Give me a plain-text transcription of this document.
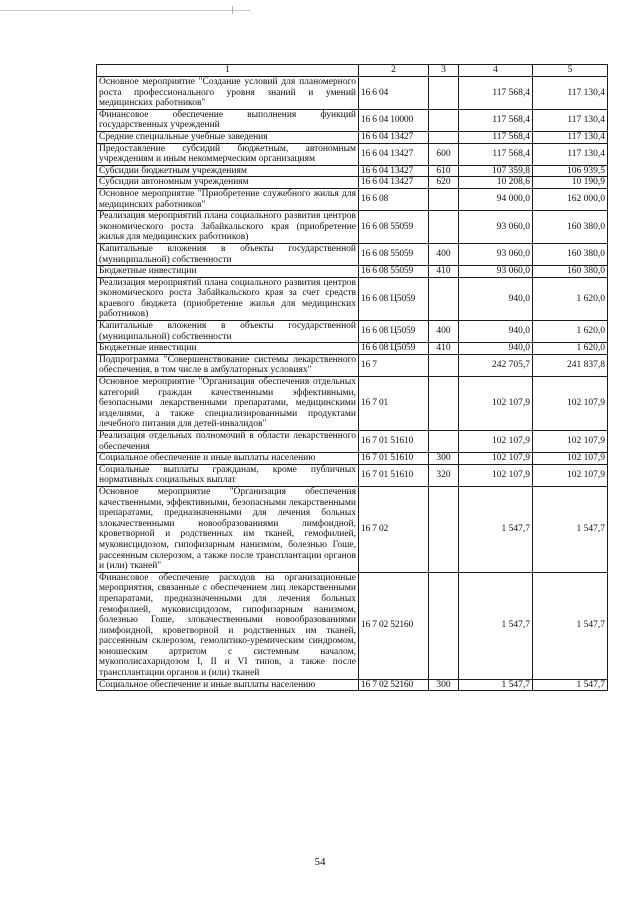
1	2	3	4	5
Основное мероприятие "Создание условий для планомерного роста профессионального уровня знаний и умений медицинских работников"	16 6 04		117 568,4	117 130,4
Финансовое обеспечение выполнения функций государственных учреждений	16 6 04 10000		117 568,4	117 130,4
Средние специальные учебные заведения	16 6 04 13427		117 568,4	117 130,4
Предоставление субсидий бюджетным, автономным учреждениям и иным некоммерческим организациям	16 6 04 13427	600	117 568,4	117 130,4
Субсидии бюджетным учреждениям	16 6 04 13427	610	107 359,8	106 939,5
Субсидии автономным учреждениям	16 6 04 13427	620	10 208,6	10 190,9
Основное мероприятие "Приобретение служебного жилья для медицинских работников"	16 6 08		94 000,0	162 000,0
Реализация мероприятий плана социального развития центров экономического роста Забайкальского края (приобретение жилья для медицинских работников)	16 6 08 55059		93 060,0	160 380,0
Капитальные вложения в объекты государственной (муниципальной) собственности	16 6 08 55059	400	93 060,0	160 380,0
Бюджетные инвестиции	16 6 08 55059	410	93 060,0	160 380,0
Реализация мероприятий плана социального развития центров экономического роста Забайкальского края за счет средств краевого бюджета (приобретение жилья для медицинских работников)	16 6 08 Ц5059		940,0	1 620,0
Капитальные вложения в объекты государственной (муниципальной) собственности	16 6 08 Ц5059	400	940,0	1 620,0
Бюджетные инвестиции	16 6 08 Ц5059	410	940,0	1 620,0
Подпрограмма "Совершенствование системы лекарственного обеспечения, в том числе в амбулаторных условиях"	16 7		242 705,7	241 837,8
Основное мероприятие "Организация обеспечения отдельных категорий граждан качественными эффективными, безопасными лекарственными препаратами, медицинскими изделиями, а также специализированными продуктами лечебного питания для детей-инвалидов"	16 7 01		102 107,9	102 107,9
Реализация отдельных полномочий в области лекарственного обеспечения	16 7 01 51610		102 107,9	102 107,9
Социальное обеспечение и иные выплаты населению	16 7 01 51610	300	102 107,9	102 107,9
Социальные выплаты гражданам, кроме публичных нормативных социальных выплат	16 7 01 51610	320	102 107,9	102 107,9
Основное мероприятие "Организация обеспечения качественными, эффективными, безопасными лекарственными препаратами, предназначенными для лечения больных злокачественными новообразованиями лимфоидной, кроветворной и родственных им тканей, гемофилией, муковисцидозом, гипофизарным нанизмом, болезнью Гоше, рассеянным склерозом, а также после трансплантации органов и (или) тканей"	16 7 02		1 547,7	1 547,7
Финансовое обеспечение расходов на организационные мероприятия, связанные с обеспечением лиц лекарственными препаратами, предназначенными для лечения больных гемофилией, муковисцидозом, гипофизарным нанизмом, болезнью Гоше, злокачественными новообразованиями лимфоидной, кроветворной и родственных им тканей, рассеянным склерозом, гемолитико-уремическим синдромом, юношеским артритом с системным началом, мукополисахаридозом I, II и VI типов, а также после трансплантации органов и (или) тканей	16 7 02 52160		1 547,7	1 547,7
Социальное обеспечение и иные выплаты населению	16 7 02 52160	300	1 547,7	1 547,7
54
